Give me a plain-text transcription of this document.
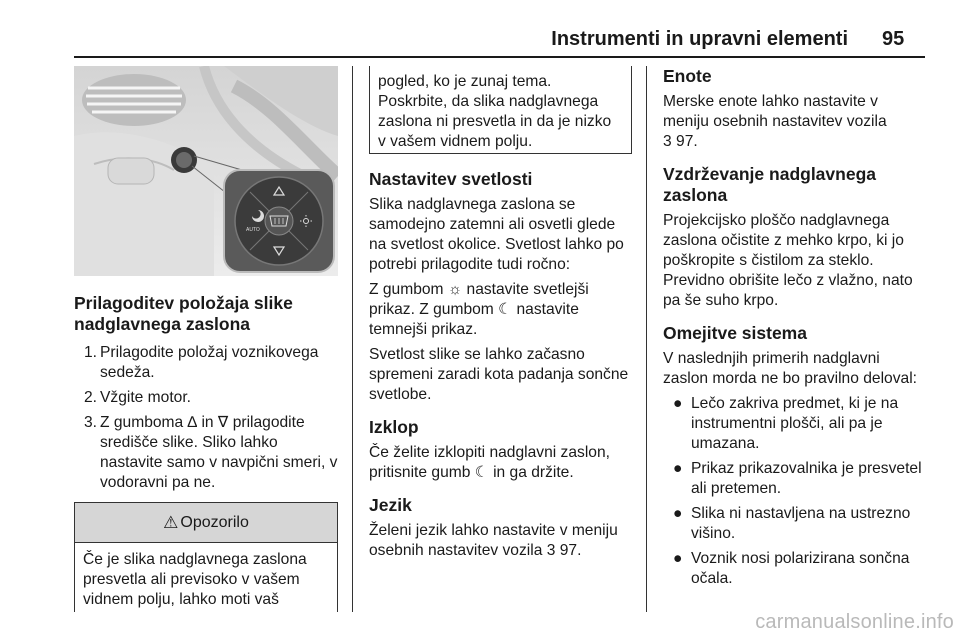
Instrumenti in upravni elementi 95
AUTO
Prilagoditev položaja slike
nadglavnega zaslona
1. Prilagodite položaj voznikovega sedeža.
2. Vžgite motor.
3. Z gumboma ∆ in ∇ prilagodite središče slike. Sliko lahko nastavite samo v navpični smeri, v vodoravni pa ne.
⚠ Opozorilo
Če je slika nadglavnega zaslona presvetla ali previsoko v vašem vidnem polju, lahko moti vaš
pogled, ko je zunaj tema. Poskrbite, da slika nadglavnega zaslona ni presvetla in da je nizko v vašem vidnem polju.
Nastavitev svetlosti
Slika nadglavnega zaslona se samodejno zatemni ali osvetli glede na svetlost okolice. Svetlost lahko po potrebi prilagodite tudi ročno:
Z gumbom ☼ nastavite svetlejši prikaz. Z gumbom ☾ nastavite temnejši prikaz.
Svetlost slike se lahko začasno spremeni zaradi kota padanja sončne svetlobe.
Izklop
Če želite izklopiti nadglavni zaslon, pritisnite gumb ☾ in ga držite.
Jezik
Želeni jezik lahko nastavite v meniju osebnih nastavitev vozila 3 97.
Enote
Merske enote lahko nastavite v meniju osebnih nastavitev vozila
3 97.
Vzdrževanje nadglavnega
zaslona
Projekcijsko ploščo nadglavnega zaslona očistite z mehko krpo, ki jo poškropite s čistilom za steklo. Previdno obrišite lečo z vlažno, nato pa še suho krpo.
Omejitve sistema
V naslednjih primerih nadglavni zaslon morda ne bo pravilno deloval:
● Lečo zakriva predmet, ki je na instrumentni plošči, ali pa je umazana.
● Prikaz prikazovalnika je presvetel ali pretemen.
● Slika ni nastavljena na ustrezno višino.
● Voznik nosi polarizirana sončna očala.
carmanualsonline.info
